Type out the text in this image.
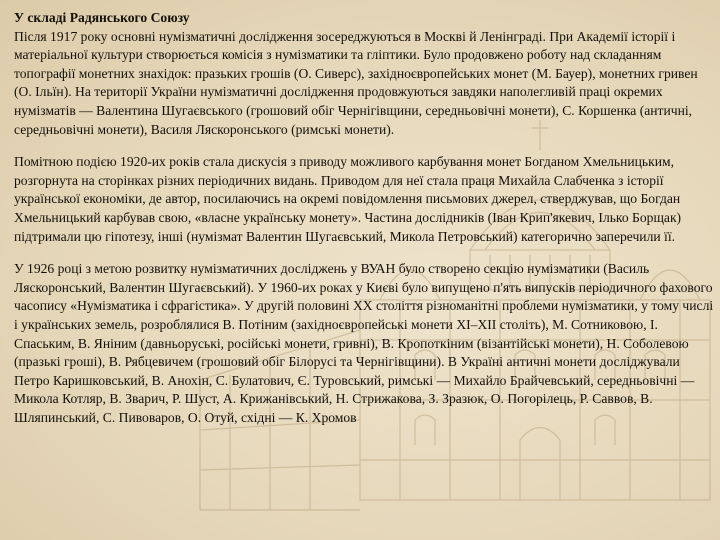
У складі Радянського Союзу

Після 1917 року основні нумізматичні дослідження зосереджуються в Москві й Ленінграді. При Академії історії і матеріальної культури створюється комісія з нумізматики та гліптики. Було продовжено роботу над складанням топографії монетних знахідок: празьких грошів (О. Сиверс), західноєвропейських монет (М. Бауер), монетних гривен (О. Ільїн). На території України нумізматичні дослідження продовжуються завдяки наполегливій праці окремих нумізматів — Валентина Шугаєвського (грошовий обіг Чернігівщини, середньовічні монети), С. Коршенка (античні, середньовічні монети), Василя Ляскоронського (римські монети).

Помітною подією 1920-их років стала дискусія з приводу можливого карбування монет Богданом Хмельницьким, розгорнута на сторінках різних періодичних видань. Приводом для неї стала праця Михайла Слабченка з історії української економіки, де автор, посилаючись на окремі повідомлення письмових джерел, стверджував, що Богдан Хмельницький карбував свою, «власне українську монету». Частина дослідників (Іван Крип'якевич, Ілько Борщак) підтримали цю гіпотезу, інші (нумізмат Валентин Шугаєвський, Микола Петровський) категорично заперечили її.

У 1926 році з метою розвитку нумізматичних досліджень у ВУАН було створено секцію нумізматики (Василь Ляскоронський, Валентин Шугаєвський). У 1960-их роках у Києві було випущено п'ять випусків періодичного фахового часопису «Нумізматика і сфрагістика». У другій половині XX століття різноманітні проблеми нумізматики, у тому числі і українських земель, розроблялися В. Потіним (західноєвропейські монети XI–XII століть), М. Сотниковою, І. Спаським, В. Яніним (давньоруські, російські монети, гривні), В. Кропоткіним (візантійські монети), Н. Соболевою (празькі гроші), В. Рябцевичем (грошовий обіг Білорусі та Чернігівщини). В Україні античні монети досліджували Петро Каришковський, В. Анохін, С. Булатович, Є. Туровський, римські — Михайло Брайчевський, середньовічні — Микола Котляр, В. Зварич, Р. Шуст, А. Крижанівський, Н. Стрижакова, З. Зразюк, О. Погорілець, Р. Саввов, В. Шляпинський, С. Пивоваров, О. Отуй, східні — К. Хромов
